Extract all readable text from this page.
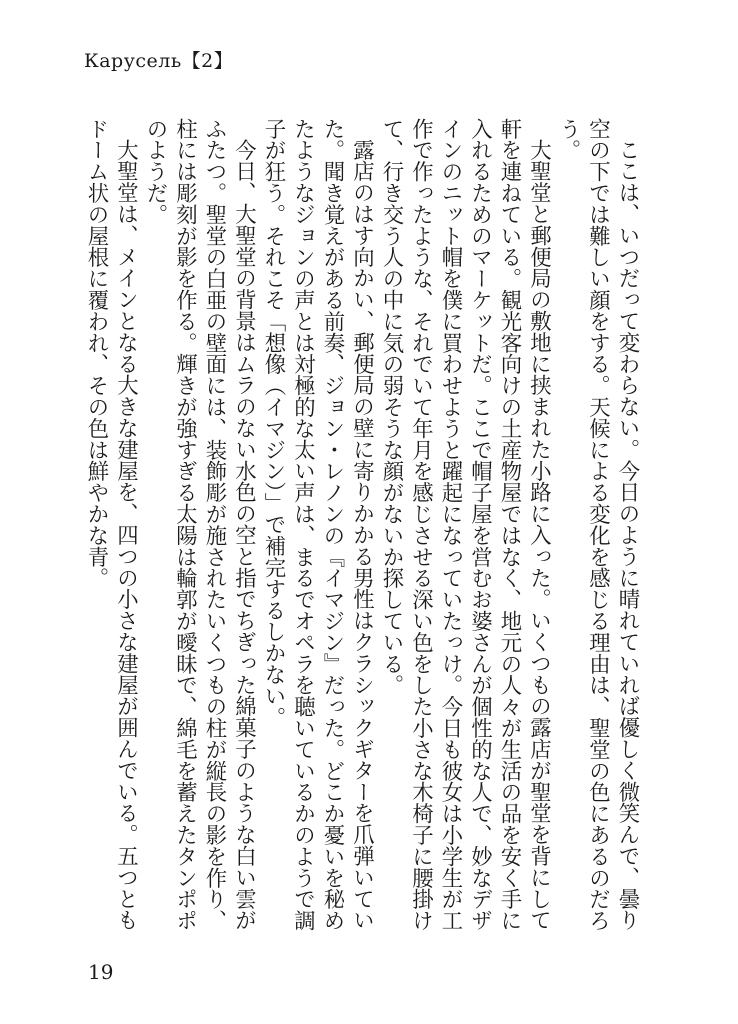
Карусель【2】

ここは、いつだって変わらない。今日のように晴れていれば優しく微笑んで、曇り空の下では難しい顔をする。天候による変化を感じる理由は、聖堂の色にあるのだろう。

大聖堂と郵便局の敷地に挟まれた小路に入った。いくつもの露店が聖堂を背にして軒を連ねている。観光客向けの土産物屋ではなく、地元の人々が生活の品を安く手に入れるためのマーケットだ。ここで帽子屋を営むお婆さんが個性的な人で、妙なデザインのニット帽を僕に買わせようと躍起になっていたっけ。今日も彼女は小学生が工作で作ったような、それでいて年月を感じさせる深い色をした小さな木椅子に腰掛けて、行き交う人の中に気の弱そうな顔がないか探している。

露店のはす向かい、郵便局の壁に寄りかかる男性はクラシックギターを爪弾いていた。聞き覚えがある前奏、ジョン・レノンの『イマジン』だった。どこか憂いを秘めたようなジョンの声とは対極的な太い声は、まるでオペラを聴いているかのようで調子が狂う。それこそ「想像（イマジン）」で補完するしかない。

今日、大聖堂の背景はムラのない水色の空と指でちぎった綿菓子のような白い雲がふたつ。聖堂の白亜の壁面には、装飾彫が施されたいくつもの柱が縦長の影を作り、柱には彫刻が影を作る。輝きが強すぎる太陽は輪郭が曖昧で、綿毛を蓄えたタンポポのようだ。

大聖堂は、メインとなる大きな建屋を、四つの小さな建屋が囲んでいる。五つともドーム状の屋根に覆われ、その色は鮮やかな青。

19
